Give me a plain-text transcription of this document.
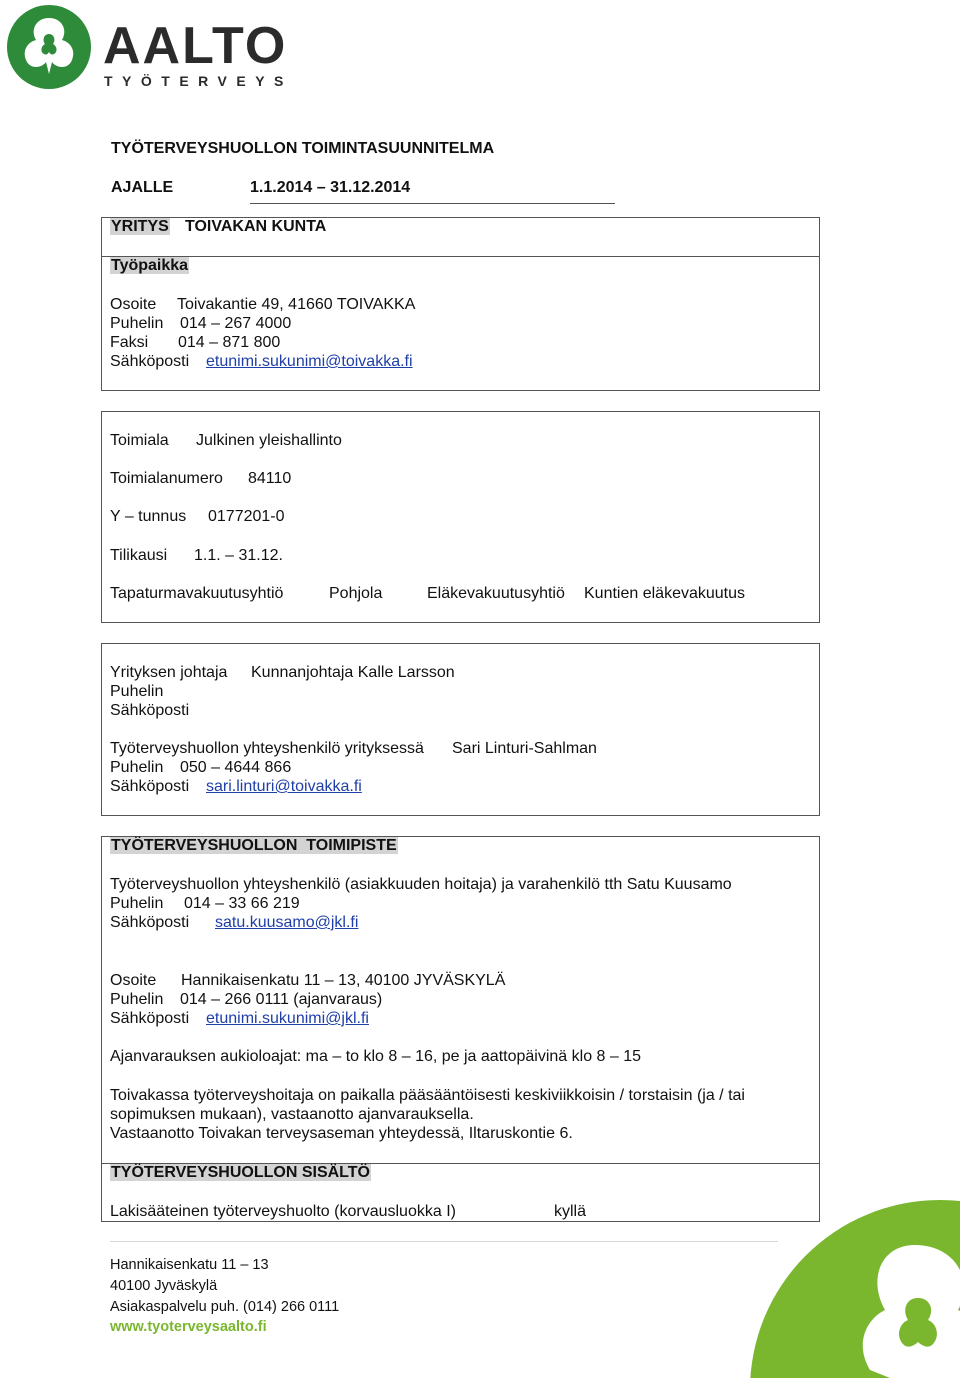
AALTO
TYÖTERVEYS
TYÖTERVEYSHUOLLON TOIMINTASUUNNITELMA
AJALLE	1.1.2014 – 31.12.2014
YRITYS TOIVAKAN KUNTA
Työpaikka
Osoite Toivakantie 49, 41660 TOIVAKKA
Puhelin 014 – 267 4000
Faksi 014 – 871 800
Sähköposti etunimi.sukunimi@toivakka.fi
Toimiala Julkinen yleishallinto
Toimialanumero 84110
Y – tunnus 0177201-0
Tilikausi 1.1. – 31.12.
Tapaturmavakuutusyhtiö	Pohjola	Eläkevakuutusyhtiö Kuntien eläkevakuutus
Yrityksen johtaja Kunnanjohtaja Kalle Larsson
Puhelin
Sähköposti
Työterveyshuollon yhteyshenkilö yrityksessä Sari Linturi-Sahlman
Puhelin 050 – 4644 866
Sähköposti sari.linturi@toivakka.fi
TYÖTERVEYSHUOLLON TOIMIPISTE
Työterveyshuollon yhteyshenkilö (asiakkuuden hoitaja) ja varahenkilö tth Satu Kuusamo
Puhelin 014 – 33 66 219
Sähköposti satu.kuusamo@jkl.fi
Osoite Hannikaisenkatu 11 – 13, 40100 JYVÄSKYLÄ
Puhelin 014 – 266 0111 (ajanvaraus)
Sähköposti etunimi.sukunimi@jkl.fi
Ajanvarauksen aukioloajat: ma – to klo 8 – 16, pe ja aattopäivinä klo 8 – 15
Toivakassa työterveyshoitaja on paikalla pääsääntöisesti keskiviikkoisin / torstaisin (ja / tai
sopimuksen mukaan), vastaanotto ajanvarauksella.
Vastaanotto Toivakan terveysaseman yhteydessä, Iltaruskontie 6.
TYÖTERVEYSHUOLLON SISÄLTÖ
Lakisääteinen työterveyshuolto (korvausluokka I)	kyllä
Hannikaisenkatu 11 – 13
40100 Jyväskylä
Asiakaspalvelu puh. (014) 266 0111
www.tyoterveysaalto.fi
